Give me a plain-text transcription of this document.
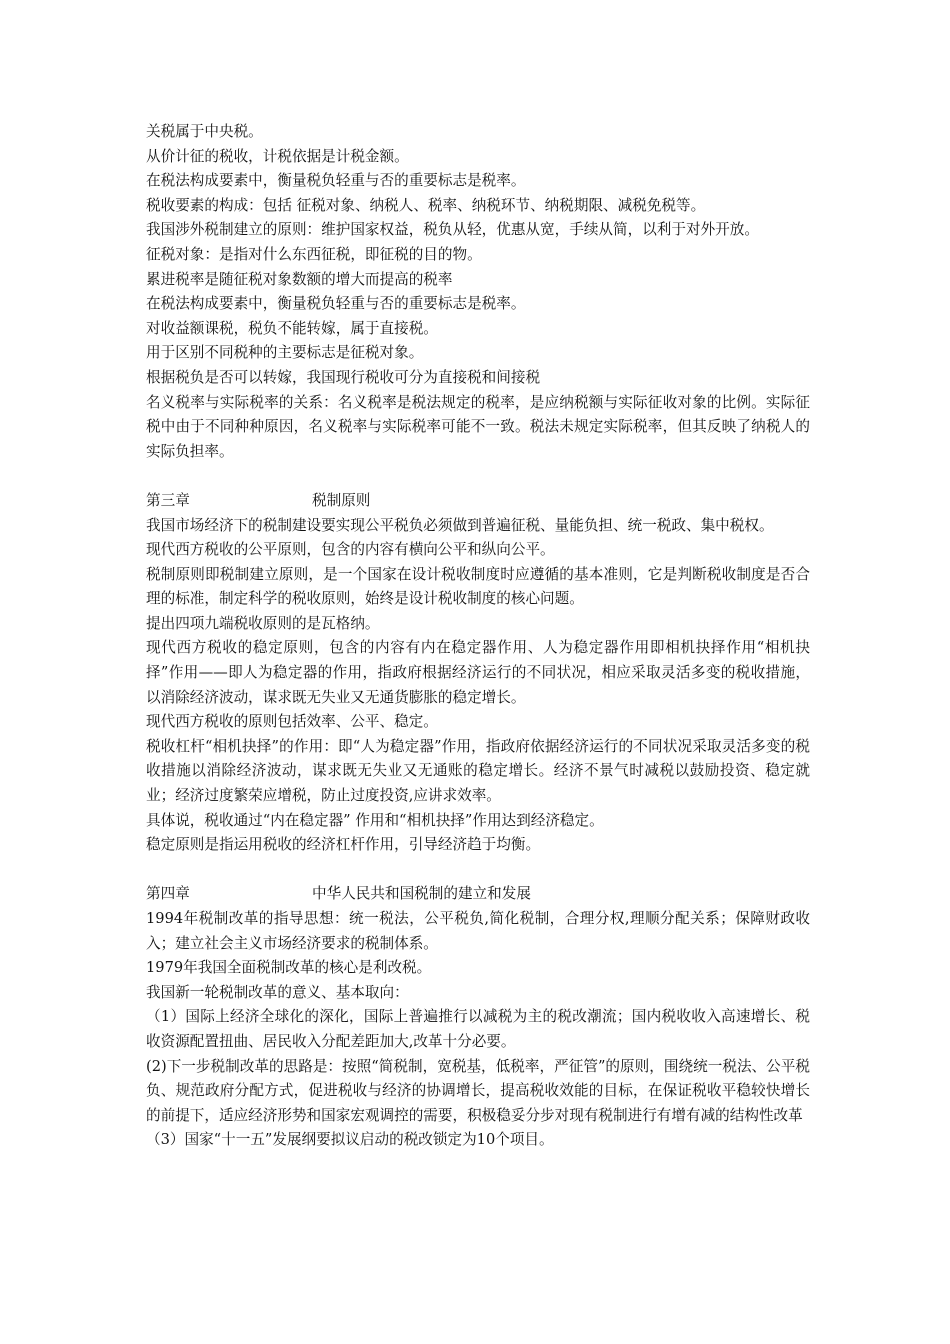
关税属于中央税。

从价计征的税收，计税依据是计税金额。

在税法构成要素中，衡量税负轻重与否的重要标志是税率。

税收要素的构成：包括 征税对象、纳税人、税率、纳税环节、纳税期限、减税免税等。

我国涉外税制建立的原则：维护国家权益，税负从轻，优惠从宽，手续从简，以利于对外开放。

征税对象：是指对什么东西征税，即征税的目的物。

累进税率是随征税对象数额的增大而提高的税率

在税法构成要素中，衡量税负轻重与否的重要标志是税率。

对收益额课税，税负不能转嫁，属于直接税。

用于区别不同税种的主要标志是征税对象。

根据税负是否可以转嫁，我国现行税收可分为直接税和间接税

名义税率与实际税率的关系：名义税率是税法规定的税率，是应纳税额与实际征收对象的比例。实际征税中由于不同种种原因，名义税率与实际税率可能不一致。税法未规定实际税率，但其反映了纳税人的实际负担率。

第三章	税制原则

我国市场经济下的税制建设要实现公平税负必须做到普遍征税、量能负担、统一税政、集中税权。

现代西方税收的公平原则，包含的内容有横向公平和纵向公平。

税制原则即税制建立原则，是一个国家在设计税收制度时应遵循的基本准则，它是判断税收制度是否合理的标准，制定科学的税收原则，始终是设计税收制度的核心问题。

提出四项九端税收原则的是瓦格纳。

现代西方税收的稳定原则，包含的内容有内在稳定器作用、人为稳定器作用即相机抉择作用“相机抉择”作用——即人为稳定器的作用，指政府根据经济运行的不同状况，相应采取灵活多变的税收措施，以消除经济波动，谋求既无失业又无通货膨胀的稳定增长。

现代西方税收的原则包括效率、公平、稳定。

税收杠杆“相机抉择”的作用：即“人为稳定器”作用，指政府依据经济运行的不同状况采取灵活多变的税收措施以消除经济波动，谋求既无失业又无通账的稳定增长。经济不景气时减税以鼓励投资、稳定就业；经济过度繁荣应增税，防止过度投资,应讲求效率。

具体说，税收通过“内在稳定器” 作用和“相机抉择”作用达到经济稳定。

稳定原则是指运用税收的经济杠杆作用，引导经济趋于均衡。

第四章	中华人民共和国税制的建立和发展

1994年税制改革的指导思想：统一税法，公平税负,简化税制，合理分权,理顺分配关系；保障财政收入；建立社会主义市场经济要求的税制体系。

1979年我国全面税制改革的核心是利改税。

我国新一轮税制改革的意义、基本取向：

（1）国际上经济全球化的深化，国际上普遍推行以减税为主的税改潮流；国内税收收入高速增长、税收资源配置扭曲、居民收入分配差距加大,改革十分必要。

(2)下一步税制改革的思路是：按照“简税制，宽税基，低税率，严征管”的原则，围绕统一税法、公平税负、规范政府分配方式，促进税收与经济的协调增长，提高税收效能的目标，在保证税收平稳较快增长的前提下，适应经济形势和国家宏观调控的需要，积极稳妥分步对现有税制进行有增有减的结构性改革

（3）国家“十一五”发展纲要拟议启动的税改锁定为10个项目。
